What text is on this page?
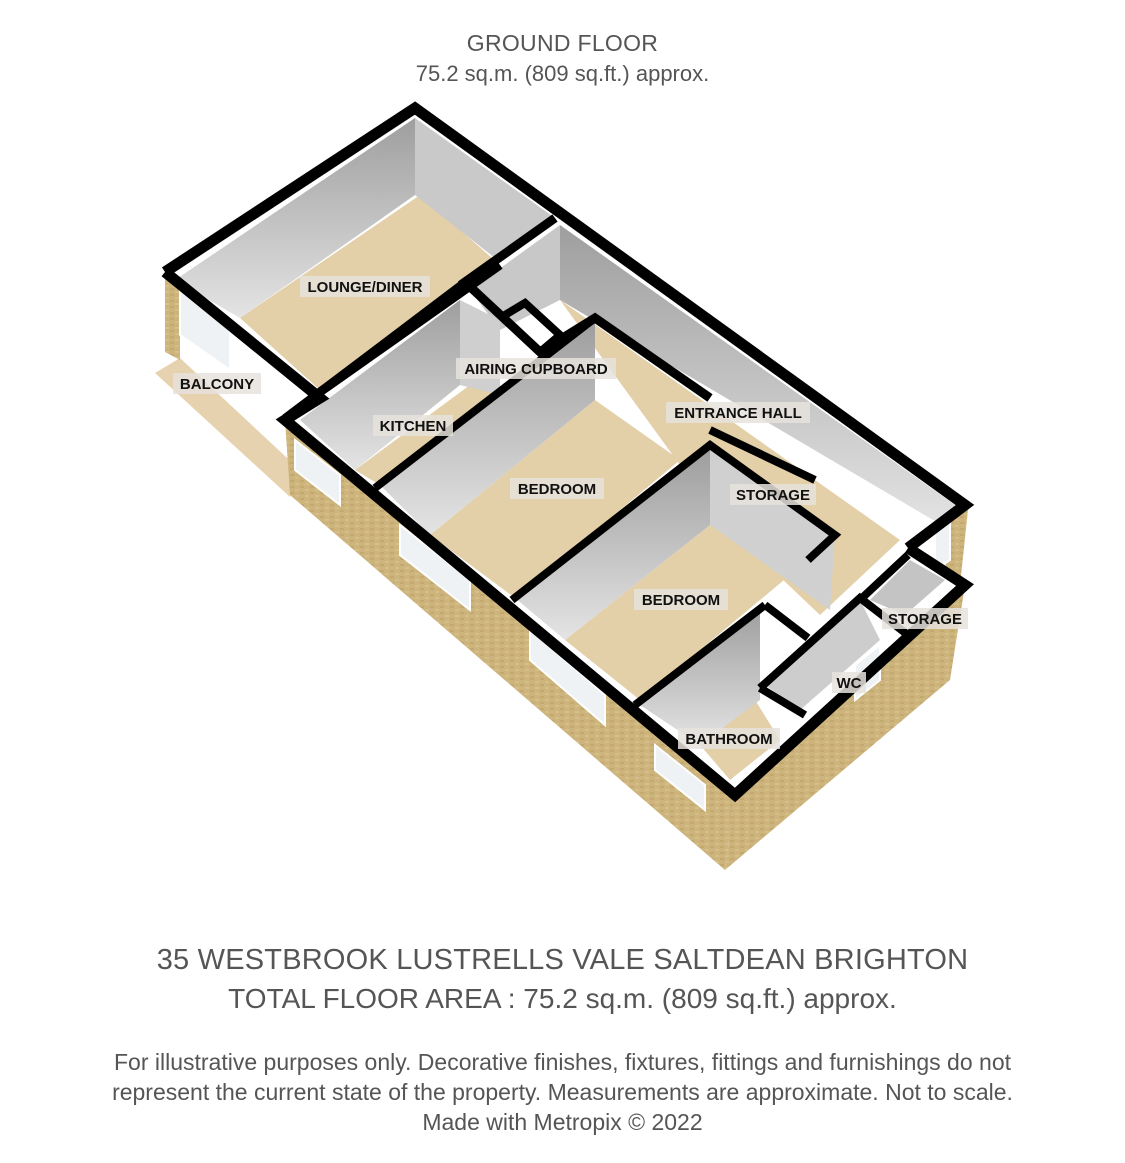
GROUND FLOOR
75.2 sq.m. (809 sq.ft.) approx.
LOUNGE/DINER
BALCONY
AIRING CUPBOARD
KITCHEN
ENTRANCE HALL
BEDROOM	STORAGE
BEDROOM
STORAGE
WC
BATHROOM
35 WESTBROOK LUSTRELLS VALE SALTDEAN BRIGHTON
TOTAL FLOOR AREA : 75.2 sq.m. (809 sq.ft.) approx.
For illustrative purposes only. Decorative finishes, fixtures, fittings and furnishings do not
represent the current state of the property. Measurements are approximate. Not to scale.
Made with Metropix © 2022
